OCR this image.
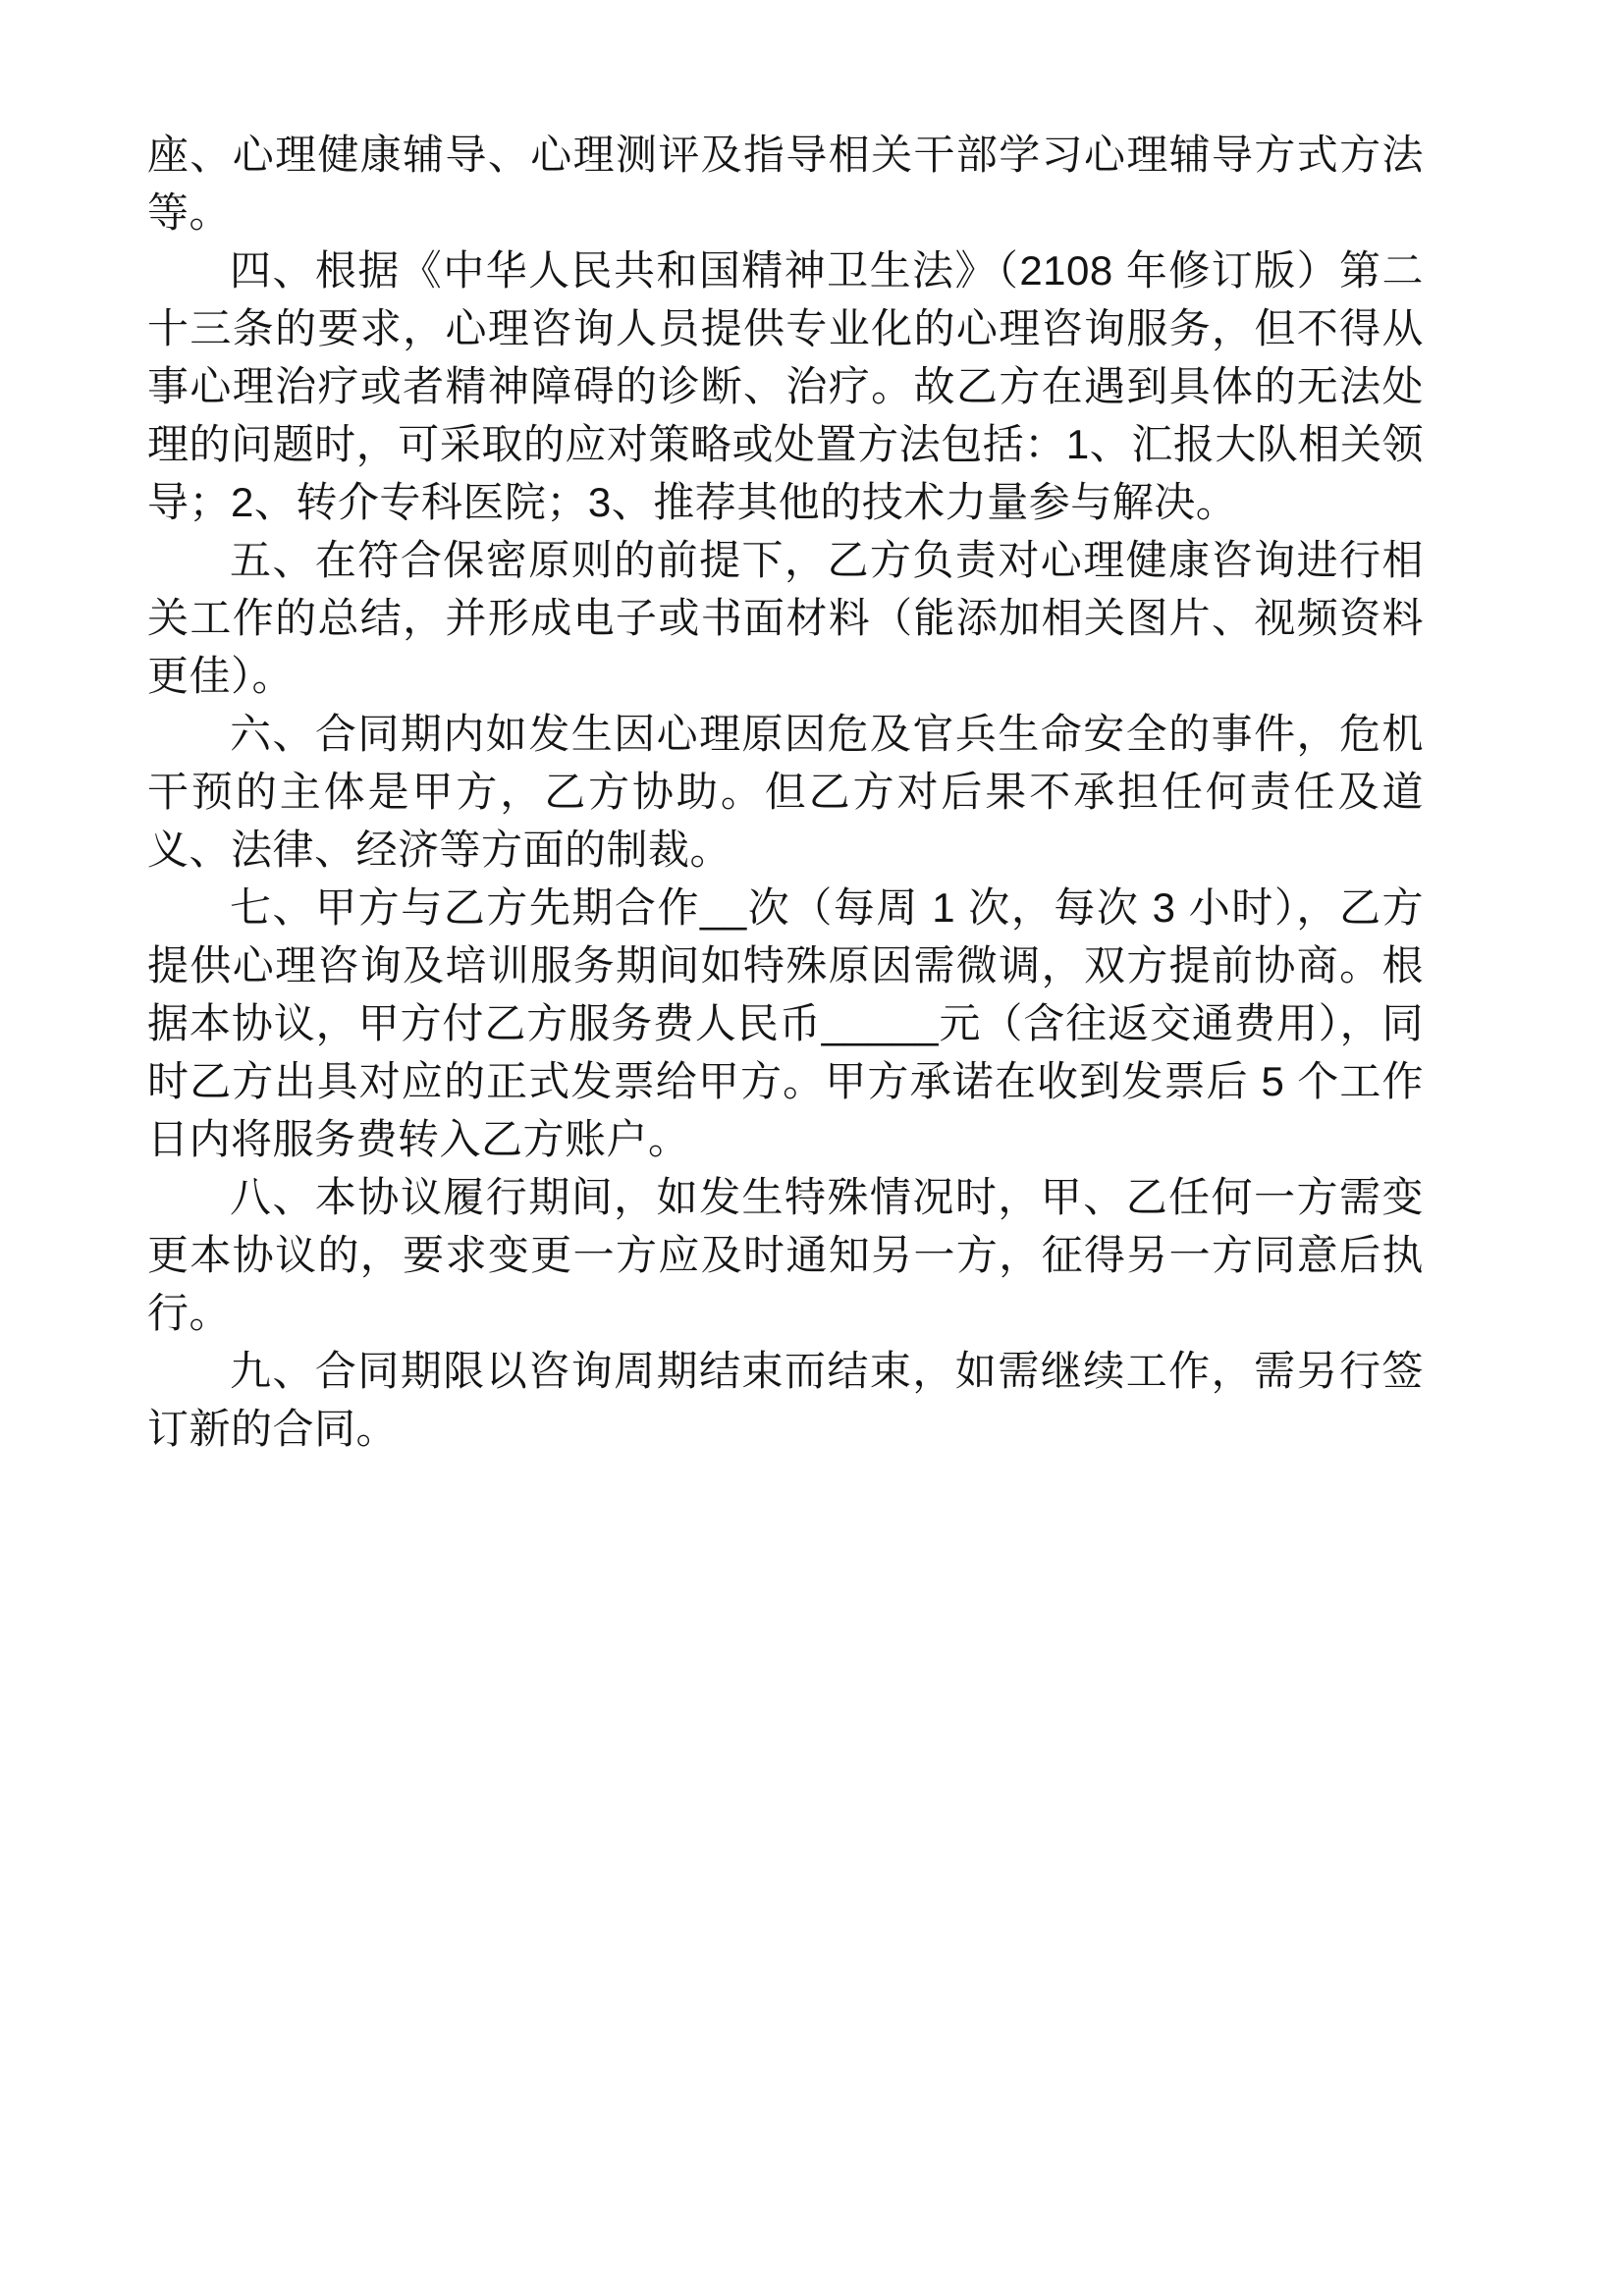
座、心理健康辅导、心理测评及指导相关干部学习心理辅导方式方法等。

四、根据《中华人民共和国精神卫生法》（2108 年修订版）第二十三条的要求，心理咨询人员提供专业化的心理咨询服务，但不得从事心理治疗或者精神障碍的诊断、治疗。故乙方在遇到具体的无法处理的问题时，可采取的应对策略或处置方法包括：1、汇报大队相关领导；2、转介专科医院；3、推荐其他的技术力量参与解决。

五、在符合保密原则的前提下，乙方负责对心理健康咨询进行相关工作的总结，并形成电子或书面材料（能添加相关图片、视频资料更佳）。

六、合同期内如发生因心理原因危及官兵生命安全的事件，危机干预的主体是甲方，乙方协助。但乙方对后果不承担任何责任及道义、法律、经济等方面的制裁。

七、甲方与乙方先期合作__次（每周 1 次，每次 3 小时），乙方提供心理咨询及培训服务期间如特殊原因需微调，双方提前协商。根据本协议，甲方付乙方服务费人民币_____元（含往返交通费用），同时乙方出具对应的正式发票给甲方。甲方承诺在收到发票后 5 个工作日内将服务费转入乙方账户。

八、本协议履行期间，如发生特殊情况时，甲、乙任何一方需变更本协议的，要求变更一方应及时通知另一方，征得另一方同意后执行。

九、合同期限以咨询周期结束而结束，如需继续工作，需另行签订新的合同。
